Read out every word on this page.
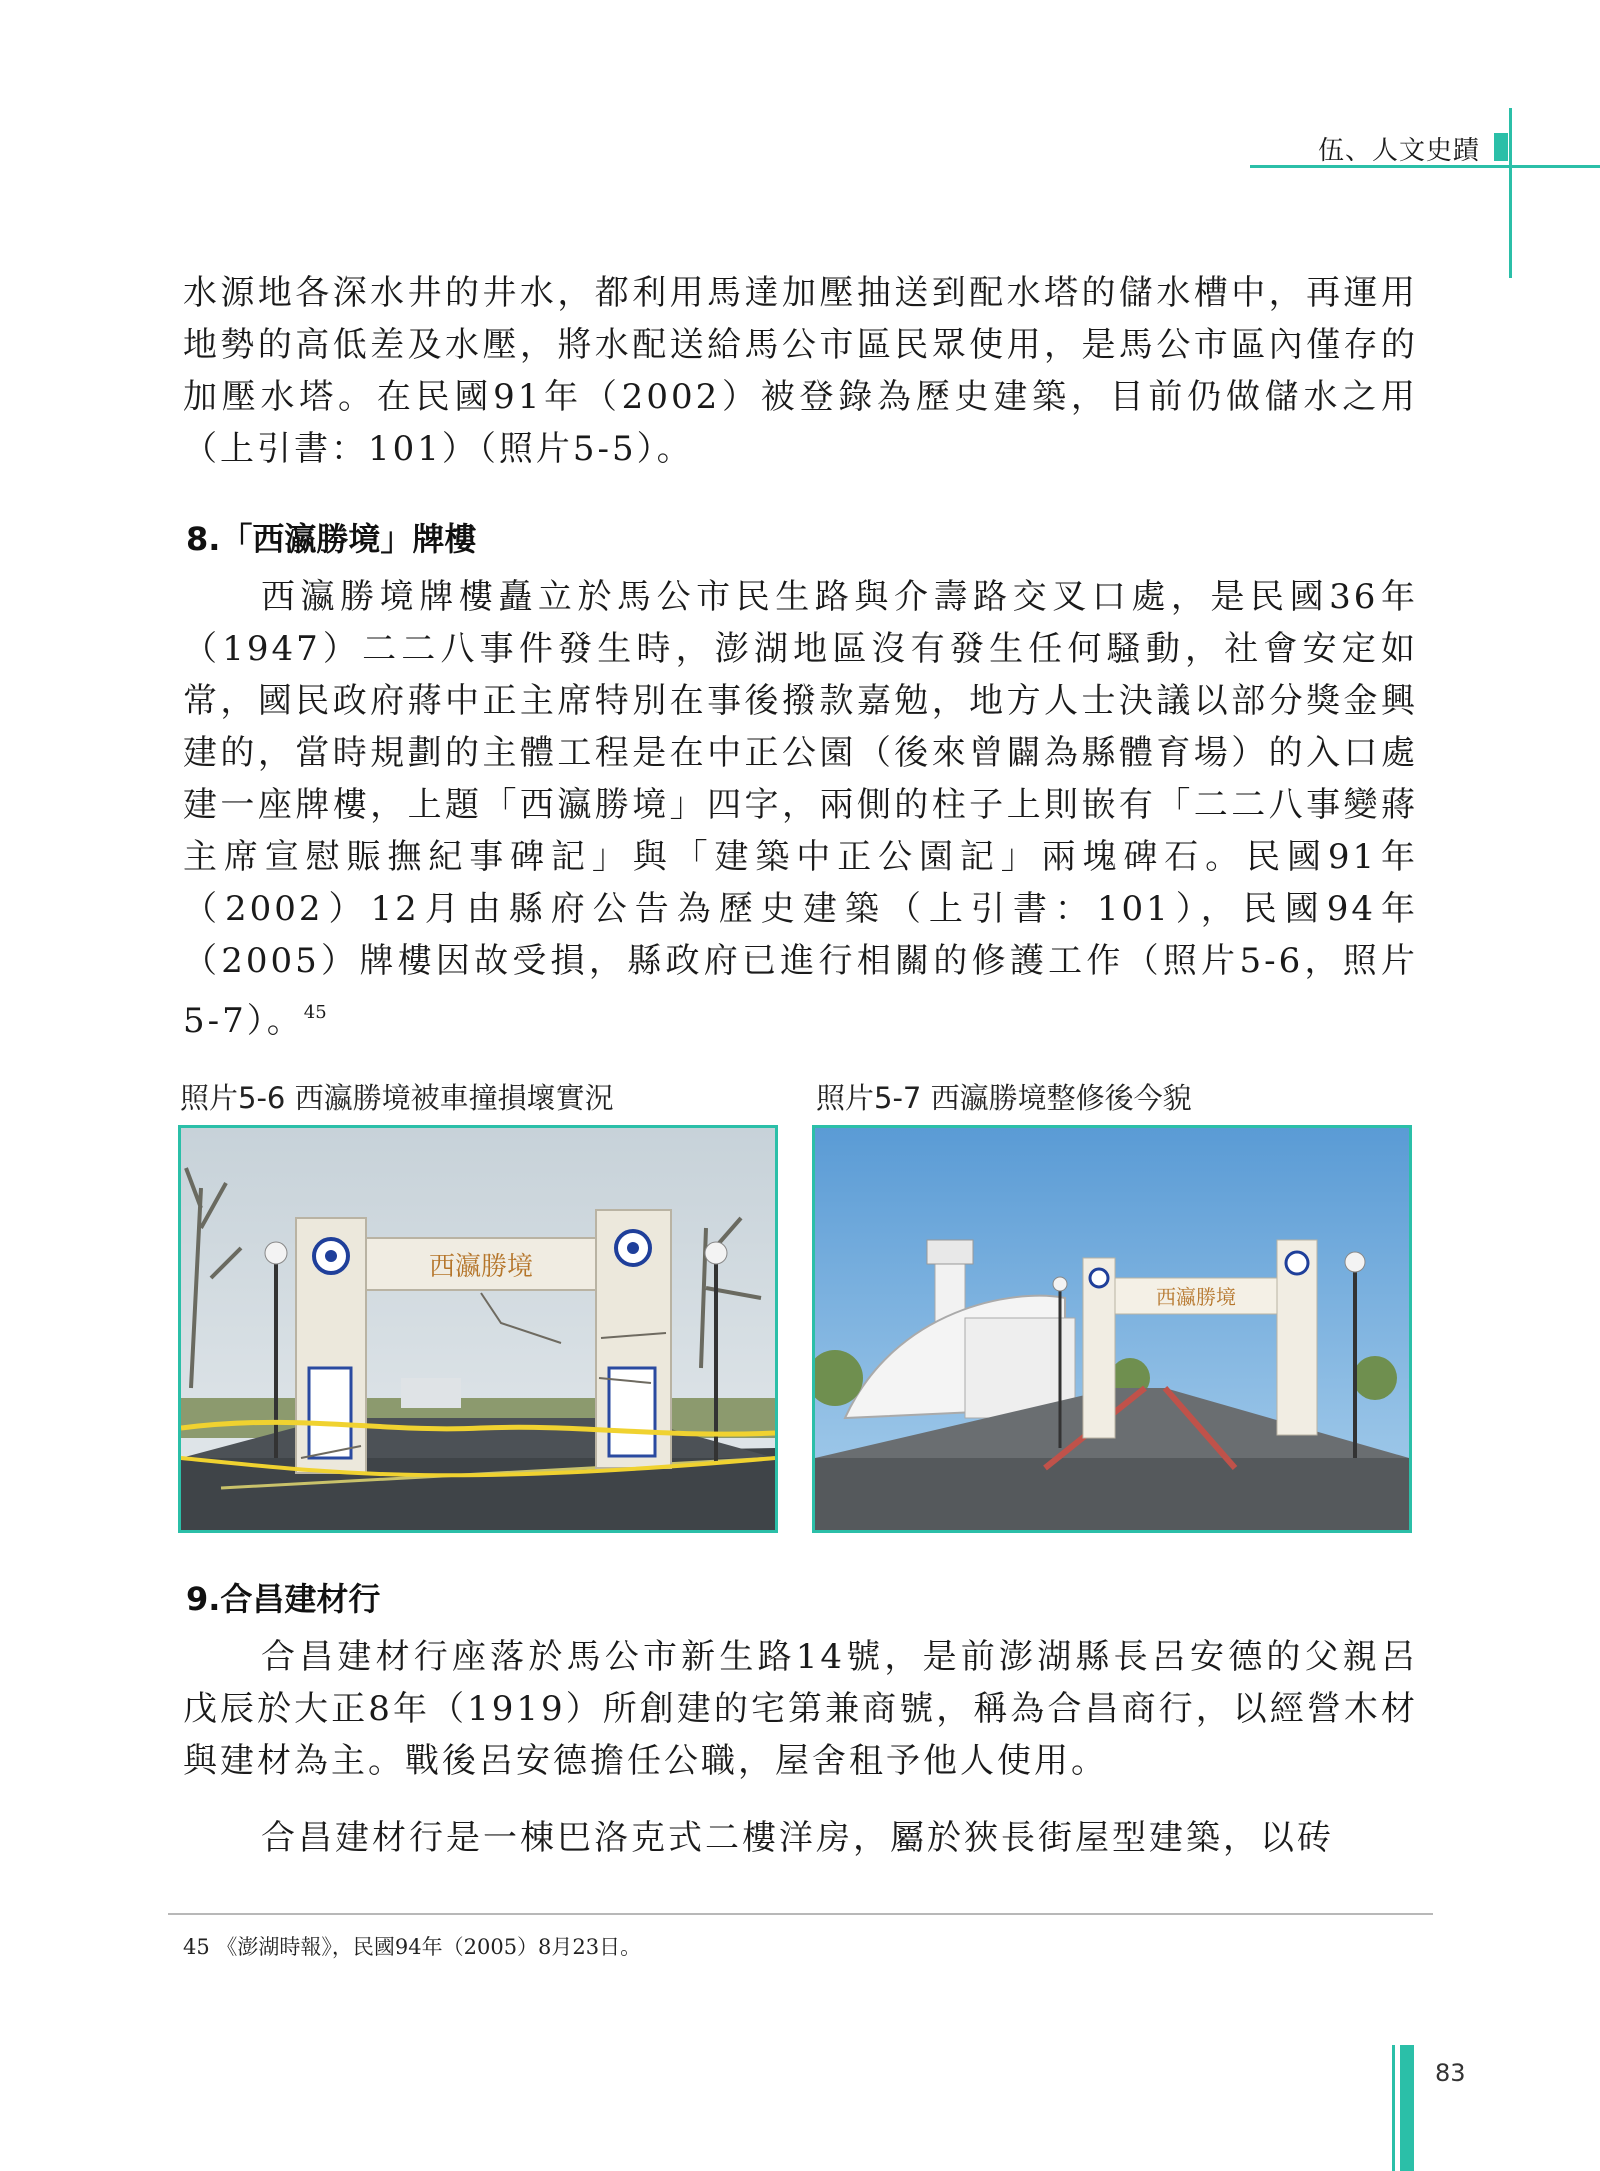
伍、人文史蹟

水源地各深水井的井水，都利用馬達加壓抽送到配水塔的儲水槽中，再運用地勢的高低差及水壓，將水配送給馬公市區民眾使用，是馬公市區內僅存的加壓水塔。在民國91年（2002）被登錄為歷史建築，目前仍做儲水之用（上引書：101）（照片5-5）。

8.「西瀛勝境」牌樓

西瀛勝境牌樓矗立於馬公市民生路與介壽路交叉口處，是民國36年（1947）二二八事件發生時，澎湖地區沒有發生任何騷動，社會安定如常，國民政府蔣中正主席特別在事後撥款嘉勉，地方人士決議以部分獎金興建的，當時規劃的主體工程是在中正公園（後來曾闢為縣體育場）的入口處建一座牌樓，上題「西瀛勝境」四字，兩側的柱子上則嵌有「二二八事變蔣主席宣慰賑撫紀事碑記」與「建築中正公園記」兩塊碑石。民國91年（2002）12月由縣府公告為歷史建築（上引書：101），民國94年（2005）牌樓因故受損，縣政府已進行相關的修護工作（照片5-6，照片5-7）。$^{45}$

照片5-6 西瀛勝境被車撞損壞實況	照片5-7 西瀛勝境整修後今貌
西瀛勝境
西瀛勝境
9.合昌建材行

合昌建材行座落於馬公市新生路14號，是前澎湖縣長呂安德的父親呂戊辰於大正8年（1919）所創建的宅第兼商號，稱為合昌商行，以經營木材與建材為主。戰後呂安德擔任公職，屋舍租予他人使用。

合昌建材行是一棟巴洛克式二樓洋房，屬於狹長街屋型建築，以砖

45 《澎湖時報》，民國94年（2005）8月23日。
83
